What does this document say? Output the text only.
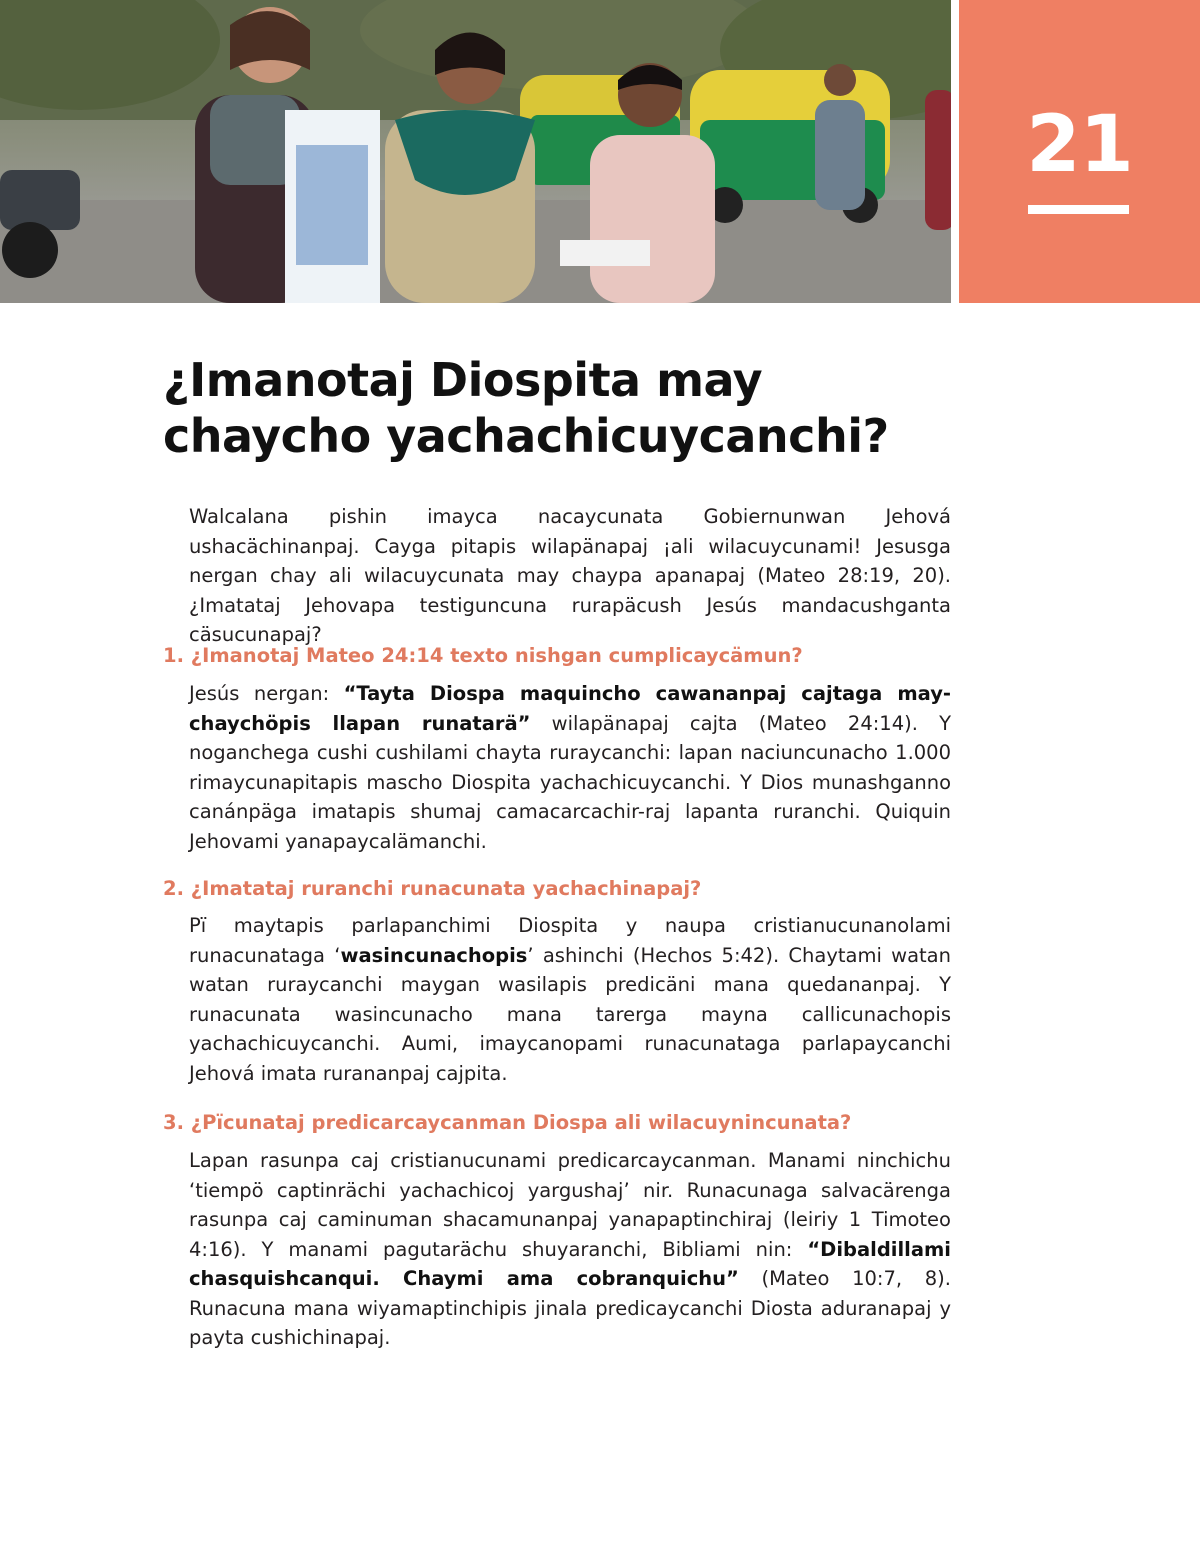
21
¿Imanotaj Diospita may chaycho yachachicuycanchi?

Walcalana pishin imayca nacaycunata Gobiernunwan Jehová ushacächinanpaj. Cayga pitapis wilapänapaj ¡ali wilacuycunami! Jesusga nergan chay ali wilacuycunata may chaypa apanapaj (Mateo 28:19, 20). ¿Imatataj Jehovapa testiguncuna rurapäcush Jesús mandacushganta cäsucunapaj?

1. ¿Imanotaj Mateo 24:14 texto nishgan cumplicaycämun?

Jesús nergan: “Tayta Diospa maquincho cawananpaj cajtaga may-chaychöpis llapan runatarä” wilapänapaj cajta (Mateo 24:14). Y noganchega cushi cushilami chayta ruraycanchi: lapan naciuncunacho 1.000 rimaycunapitapis mascho Diospita yachachicuycanchi. Y Dios munashganno canánpäga imatapis shumaj camacarcachir-raj lapanta ruranchi. Quiquin Jehovami yanapaycalämanchi.

2. ¿Imatataj ruranchi runacunata yachachinapaj?

Pï maytapis parlapanchimi Diospita y naupa cristianucunanolami runacunataga ‘wasincunachopis’ ashinchi (Hechos 5:42). Chaytami watan watan ruraycanchi maygan wasilapis predicäni mana quedananpaj. Y runacunata wasincunacho mana tarerga mayna callicunachopis yachachicuycanchi. Aumi, imaycanopami runacunataga parlapaycanchi Jehová imata rurananpaj cajpita.

3. ¿Pïcunataj predicarcaycanman Diospa ali wilacuynincunata?

Lapan rasunpa caj cristianucunami predicarcaycanman. Manami ninchichu ‘tiempö captinrächi yachachicoj yargushaj’ nir. Runacunaga salvacärenga rasunpa caj caminuman shacamunanpaj yanapaptinchiraj (leiriy 1 Timoteo 4:16). Y manami pagutarächu shuyaranchi, Bibliami nin: “Dibaldillami chasquishcanqui. Chaymi ama cobranquichu” (Mateo 10:7, 8). Runacuna mana wiyamaptinchipis jinala predicaycanchi Diosta aduranapaj y payta cushichinapaj.
